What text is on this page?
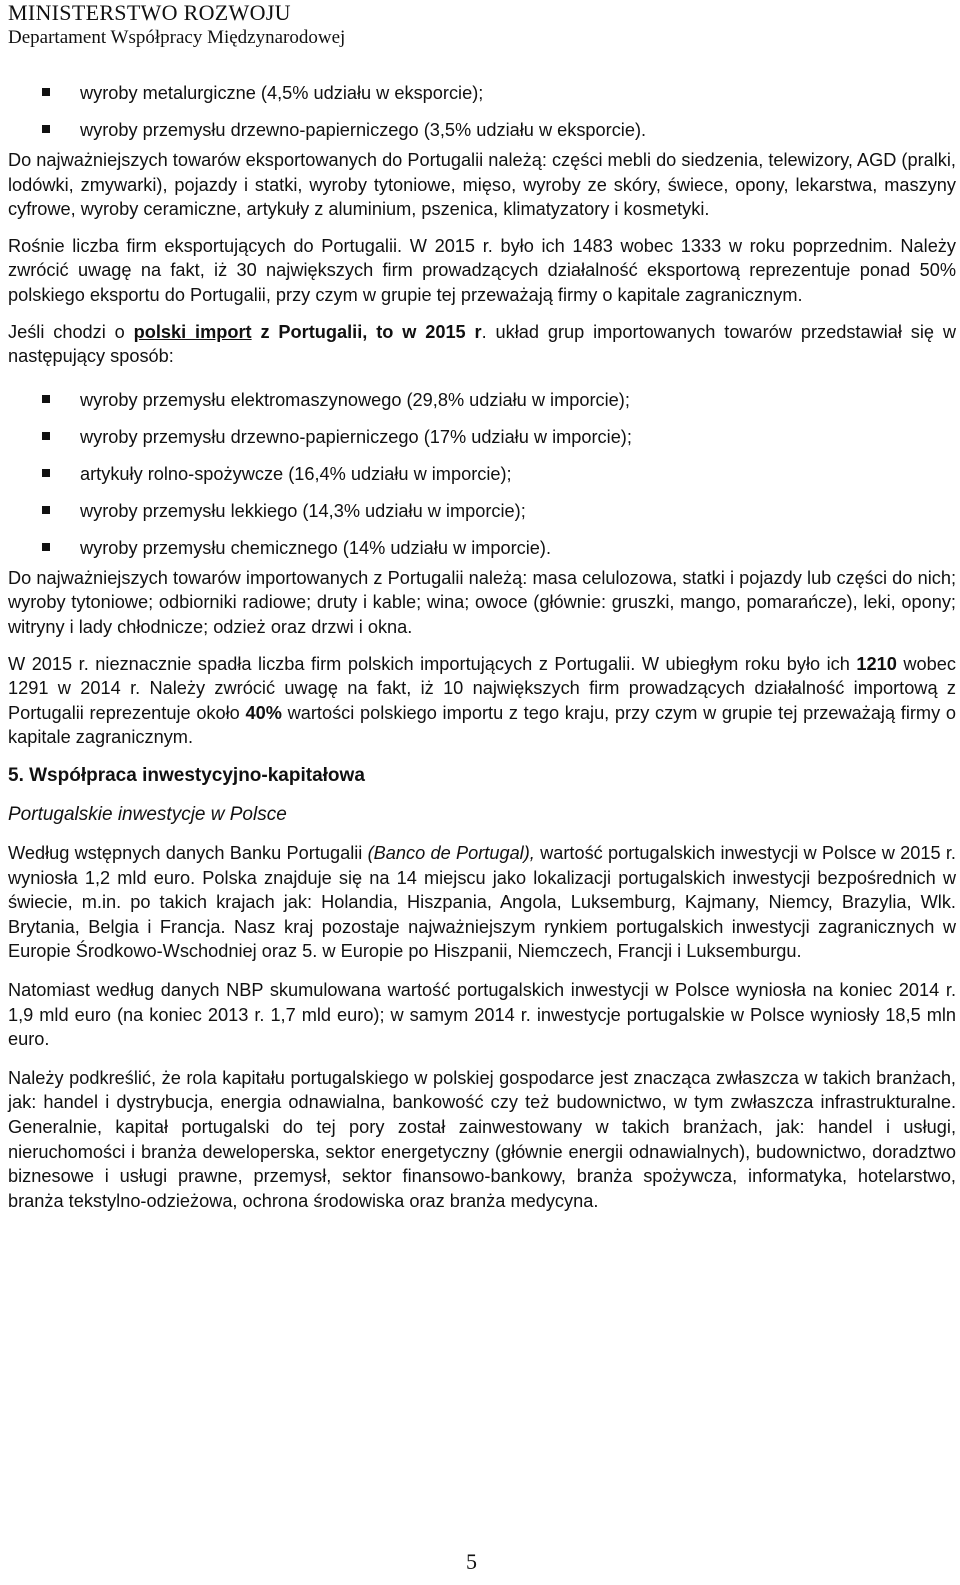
MINISTERSTWO ROZWOJU
Departament Współpracy Międzynarodowej
wyroby metalurgiczne (4,5% udziału w eksporcie);
wyroby przemysłu drzewno-papierniczego (3,5% udziału w eksporcie).

Do najważniejszych towarów eksportowanych do Portugalii należą: części mebli do siedzenia, telewizory, AGD (pralki, lodówki, zmywarki), pojazdy i statki, wyroby tytoniowe, mięso, wyroby ze skóry, świece, opony, lekarstwa, maszyny cyfrowe, wyroby ceramiczne, artykuły z aluminium, pszenica, klimatyzatory i kosmetyki.

Rośnie liczba firm eksportujących do Portugalii. W 2015 r. było ich 1483 wobec 1333 w roku poprzednim. Należy zwrócić uwagę na fakt, iż 30 największych firm prowadzących działalność eksportową reprezentuje ponad 50% polskiego eksportu do Portugalii, przy czym w grupie tej przeważają firmy o kapitale zagranicznym.

Jeśli chodzi o polski import z Portugalii, to w 2015 r. układ grup importowanych towarów przedstawiał się w następujący sposób:

wyroby przemysłu elektromaszynowego (29,8% udziału w imporcie);
wyroby przemysłu drzewno-papierniczego (17% udziału w imporcie);
artykuły rolno-spożywcze (16,4% udziału w imporcie);
wyroby przemysłu lekkiego (14,3% udziału w imporcie);
wyroby przemysłu chemicznego (14% udziału w imporcie).

Do najważniejszych towarów importowanych z Portugalii należą: masa celulozowa, statki i pojazdy lub części do nich; wyroby tytoniowe; odbiorniki radiowe; druty i kable; wina; owoce (głównie: gruszki, mango, pomarańcze), leki, opony; witryny i lady chłodnicze; odzież oraz drzwi i okna.

W 2015 r. nieznacznie spadła liczba firm polskich importujących z Portugalii. W ubiegłym roku było ich 1210 wobec 1291 w 2014 r. Należy zwrócić uwagę na fakt, iż 10 największych firm prowadzących działalność importową z Portugalii reprezentuje około 40% wartości polskiego importu z tego kraju, przy czym w grupie tej przeważają firmy o kapitale zagranicznym.

5. Współpraca inwestycyjno-kapitałowa

Portugalskie inwestycje w Polsce

Według wstępnych danych Banku Portugalii (Banco de Portugal), wartość portugalskich inwestycji w Polsce w 2015 r. wyniosła 1,2 mld euro. Polska znajduje się na 14 miejscu jako lokalizacji portugalskich inwestycji bezpośrednich w świecie, m.in. po takich krajach jak: Holandia, Hiszpania, Angola, Luksemburg, Kajmany, Niemcy, Brazylia, Wlk. Brytania, Belgia i Francja. Nasz kraj pozostaje najważniejszym rynkiem portugalskich inwestycji zagranicznych w Europie Środkowo-Wschodniej oraz 5. w Europie po Hiszpanii, Niemczech, Francji i Luksemburgu.

Natomiast według danych NBP skumulowana wartość portugalskich inwestycji w Polsce wyniosła na koniec 2014 r. 1,9 mld euro (na koniec 2013 r. 1,7 mld euro); w samym 2014 r. inwestycje portugalskie w Polsce wyniosły 18,5 mln euro.

Należy podkreślić, że rola kapitału portugalskiego w polskiej gospodarce jest znacząca zwłaszcza w takich branżach, jak: handel i dystrybucja, energia odnawialna, bankowość czy też budownictwo, w tym zwłaszcza infrastrukturalne. Generalnie, kapitał portugalski do tej pory został zainwestowany w takich branżach, jak: handel i usługi, nieruchomości i branża deweloperska, sektor energetyczny (głównie energii odnawialnych), budownictwo, doradztwo biznesowe i usługi prawne, przemysł, sektor finansowo-bankowy, branża spożywcza, informatyka, hotelarstwo, branża tekstylno-odzieżowa, ochrona środowiska oraz branża medycyna.

5
